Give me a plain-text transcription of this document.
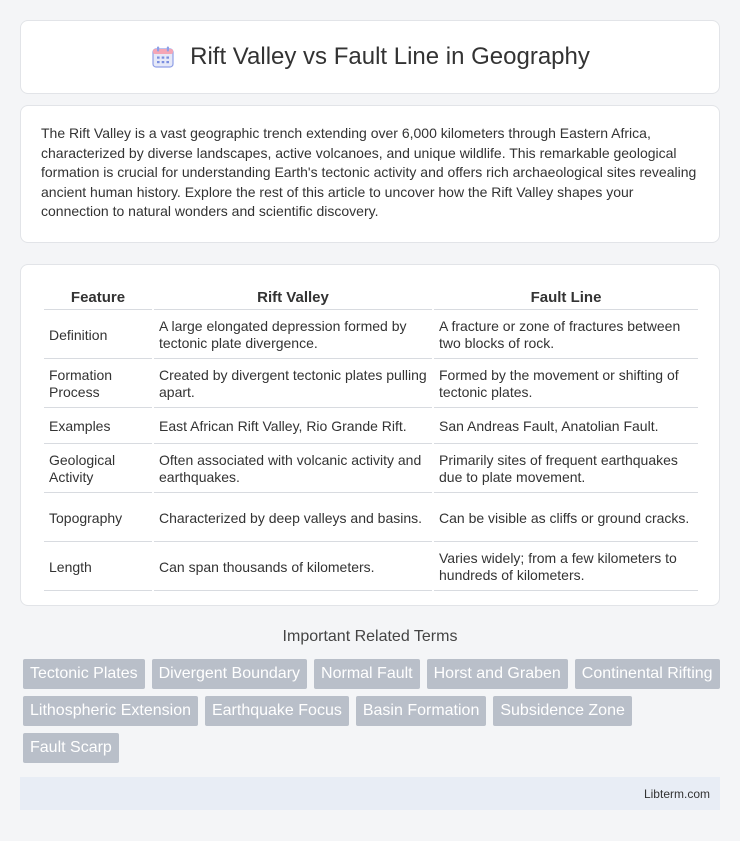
Rift Valley vs Fault Line in Geography

The Rift Valley is a vast geographic trench extending over 6,000 kilometers through Eastern Africa, characterized by diverse landscapes, active volcanoes, and unique wildlife. This remarkable geological formation is crucial for understanding Earth's tectonic activity and offers rich archaeological sites revealing ancient human history. Explore the rest of this article to uncover how the Rift Valley shapes your connection to natural wonders and scientific discovery.

Feature	Rift Valley	Fault Line
Definition	A large elongated depression formed by tectonic plate divergence.	A fracture or zone of fractures between two blocks of rock.
Formation Process	Created by divergent tectonic plates pulling apart.	Formed by the movement or shifting of tectonic plates.
Examples	East African Rift Valley, Rio Grande Rift.	San Andreas Fault, Anatolian Fault.
Geological Activity	Often associated with volcanic activity and earthquakes.	Primarily sites of frequent earthquakes due to plate movement.
Topography	Characterized by deep valleys and basins.	Can be visible as cliffs or ground cracks.
Length	Can span thousands of kilometers.	Varies widely; from a few kilometers to hundreds of kilometers.
Important Related Terms
Tectonic Plates	Divergent Boundary	Normal Fault	Horst and Graben	Continental Rifting
Lithospheric Extension	Earthquake Focus	Basin Formation	Subsidence Zone
Fault Scarp
Libterm.com
